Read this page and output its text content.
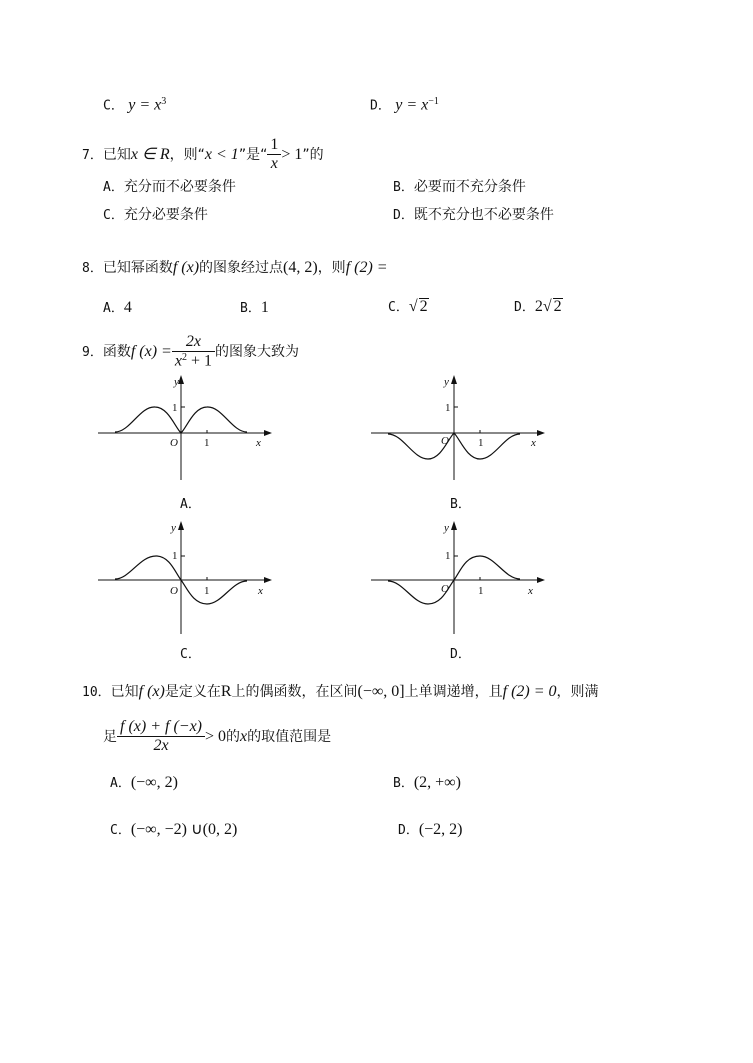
C． $y = x^3$	D． $y = x^{-1}$
7．已知x ∈ R，则“x < 1”是“ $\frac{1}{x} > 1$”的
A．充分而不必要条件	B．必要而不充分条件
C．充分必要条件	D．既不充分也不必要条件
8．已知幂函数f (x)的图象经过点(4, 2)，则f (2) =
A．4	B．1	C．√ 2	D．2√ 2
9．函数f $(x) = \frac{2x}{x^2 + 1}$ 的图象大致为
y
1
O 1	x
A．
y
1
O	1	x
B．
y
1
O 1	x
C．
y
1
O	1	x
D．
10．已知f (x)是定义在R上的偶函数，在区间(−∞, 0]上单调递增，且f (2) = 0，则满
足 $\frac{f (x) + f (-x)}{2x} > 0$的x的取值范围是
A．(−∞, 2)	B．(2, +∞)
C．(−∞, −2) ∪(0, 2)	D．(−2, 2)
